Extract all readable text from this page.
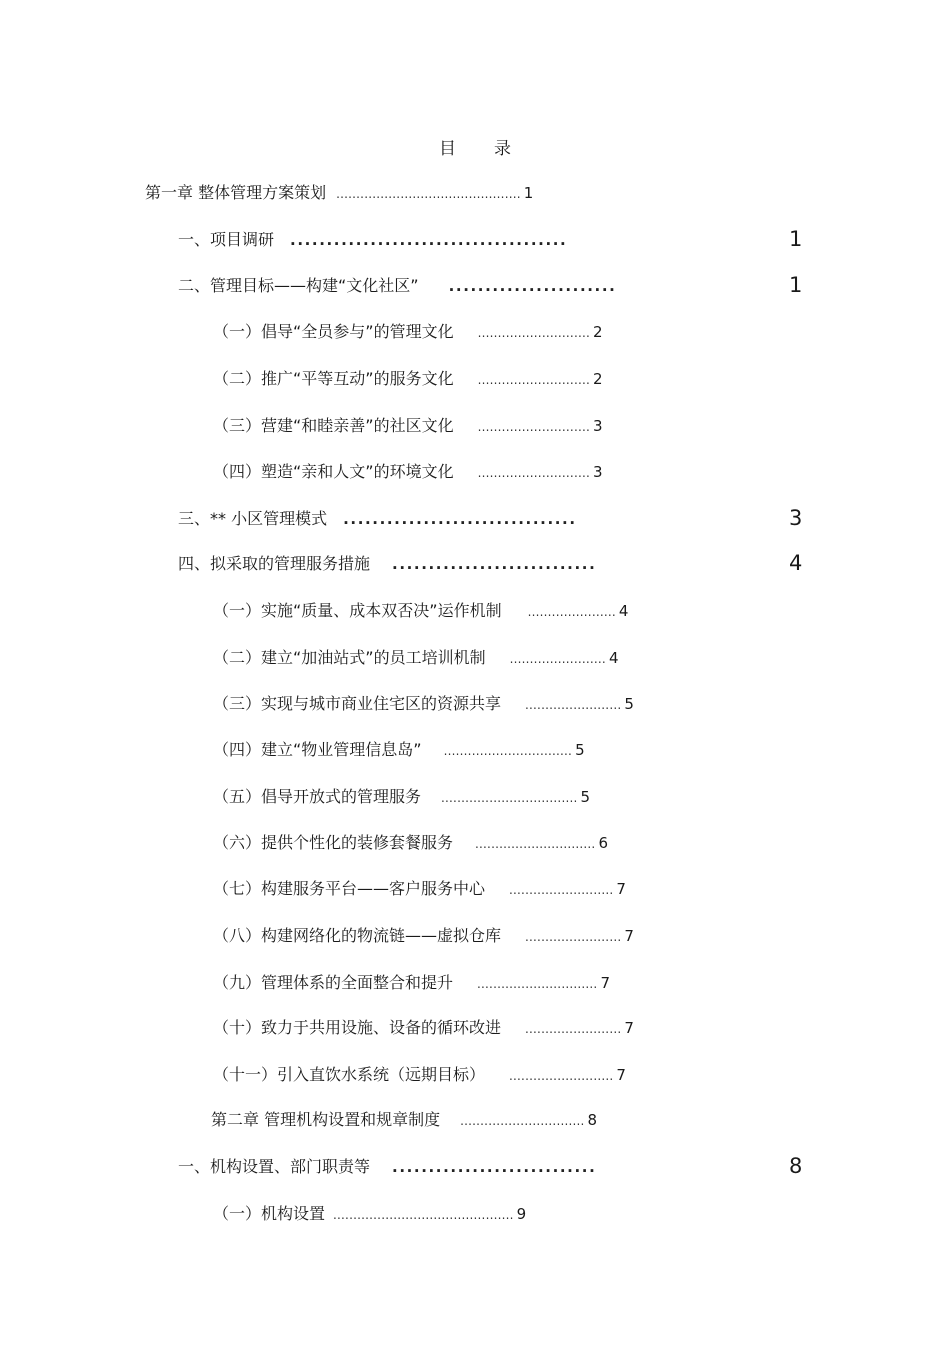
目 录
第一章 整体管理方案策划 .............................................. 1
一、项目调研 ......................................	1
二、管理目标——构建“文化社区” .......................	1
（一）倡导“全员参与”的管理文化 ............................ 2
（二）推广“平等互动”的服务文化 ............................ 2
（三）营建“和睦亲善”的社区文化 ............................ 3
（四）塑造“亲和人文”的环境文化 ............................ 3
三、** 小区管理模式 ................................	3
四、拟采取的管理服务措施 ............................	4
（一）实施“质量、成本双否决”运作机制 ...................... 4
（二）建立“加油站式”的员工培训机制 ........................ 4
（三）实现与城市商业住宅区的资源共享 ........................ 5
（四）建立“物业管理信息岛” ................................ 5
（五）倡导开放式的管理服务 .................................. 5
（六）提供个性化的装修套餐服务 .............................. 6
（七）构建服务平台——客户服务中心 .......................... 7
（八）构建网络化的物流链——虚拟仓库 ........................ 7
（九）管理体系的全面整合和提升 .............................. 7
（十）致力于共用设施、设备的循环改进 ........................ 7
（十一）引入直饮水系统（远期目标） .......................... 7
第二章 管理机构设置和规章制度 ............................... 8
一、机构设置、部门职责等 ............................	8
（一）机构设置 ............................................. 9
